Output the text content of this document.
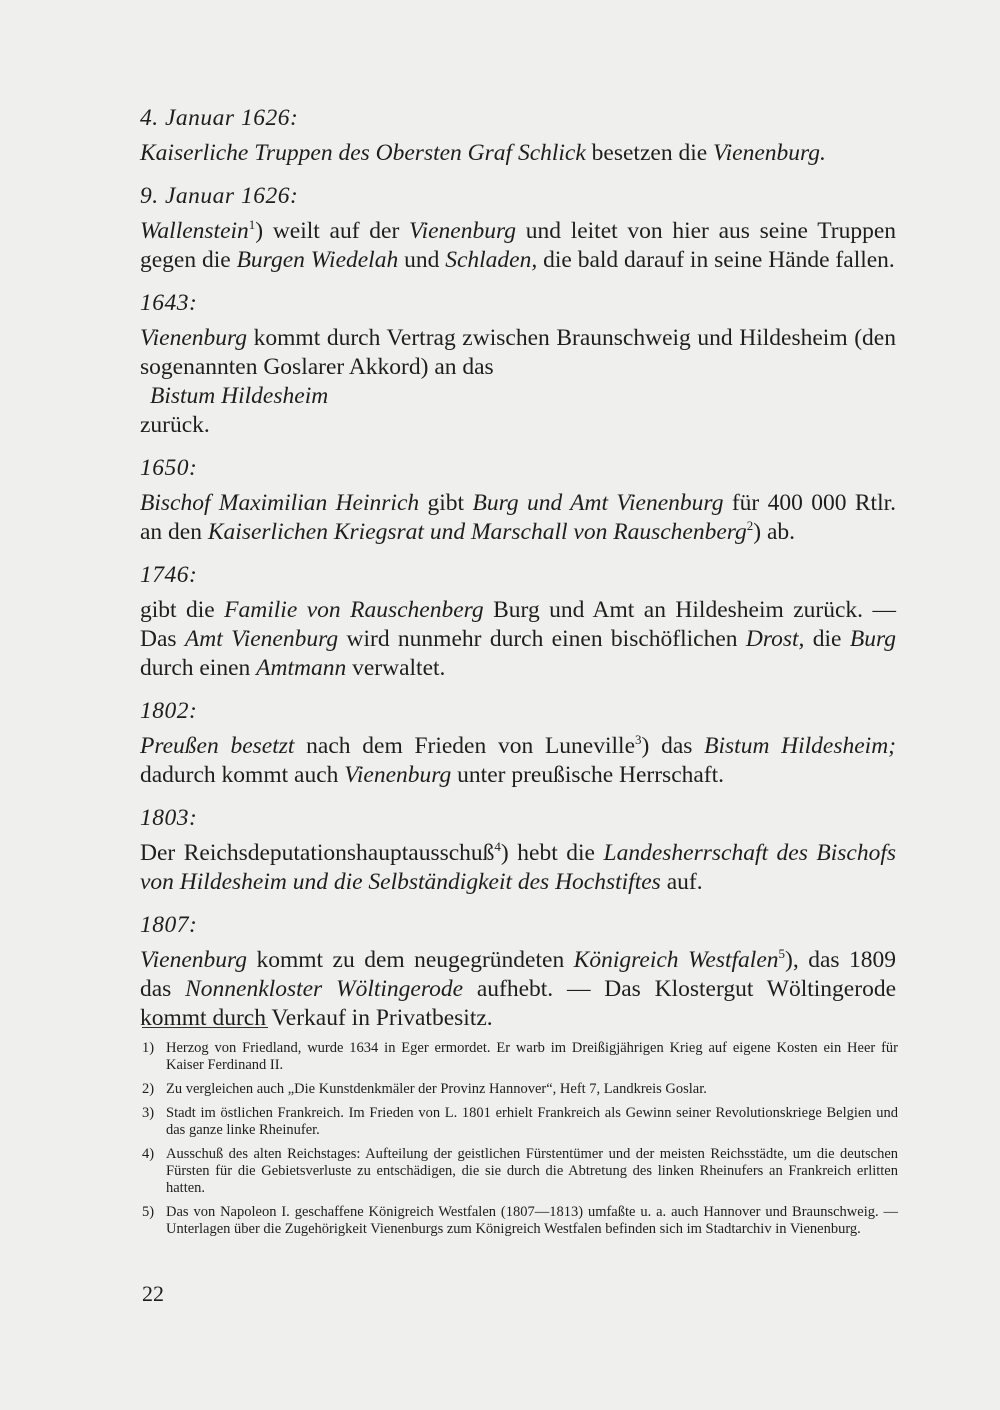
4. Januar 1626:
Kaiserliche Truppen des Obersten Graf Schlick besetzen die Vienenburg.
9. Januar 1626:
Wallenstein$^1$) weilt auf der Vienenburg und leitet von hier aus seine Truppen gegen die Burgen Wiedelah und Schladen, die bald darauf in seine Hände fallen.
1643:
Vienenburg kommt durch Vertrag zwischen Braunschweig und Hildesheim (den sogenannten Goslarer Akkord) an das
Bistum Hildesheim
zurück.
1650:
Bischof Maximilian Heinrich gibt Burg und Amt Vienenburg für 400 000 Rtlr. an den Kaiserlichen Kriegsrat und Marschall von Rauschenberg$^2$) ab.
1746:
gibt die Familie von Rauschenberg Burg und Amt an Hildesheim zurück. — Das Amt Vienenburg wird nunmehr durch einen bischöflichen Drost, die Burg durch einen Amtmann verwaltet.
1802:
Preußen besetzt nach dem Frieden von Luneville$^3$) das Bistum Hildesheim; dadurch kommt auch Vienenburg unter preußische Herrschaft.
1803:
Der Reichsdeputationshauptausschuß$^4$) hebt die Landesherrschaft des Bischofs von Hildesheim und die Selbständigkeit des Hochstiftes auf.
1807:
Vienenburg kommt zu dem neugegründeten Königreich Westfalen$^5$), das 1809 das Nonnenkloster Wöltingerode aufhebt. — Das Klostergut Wöltingerode kommt durch Verkauf in Privatbesitz.
1) Herzog von Friedland, wurde 1634 in Eger ermordet. Er warb im Dreißigjährigen Krieg auf eigene Kosten ein Heer für Kaiser Ferdinand II.
2) Zu vergleichen auch „Die Kunstdenkmäler der Provinz Hannover“, Heft 7, Landkreis Goslar.
3) Stadt im östlichen Frankreich. Im Frieden von L. 1801 erhielt Frankreich als Gewinn seiner Revolutionskriege Belgien und das ganze linke Rheinufer.
4) Ausschuß des alten Reichstages: Aufteilung der geistlichen Fürstentümer und der meisten Reichsstädte, um die deutschen Fürsten für die Gebietsverluste zu entschädigen, die sie durch die Abtretung des linken Rheinufers an Frankreich erlitten hatten.
5) Das von Napoleon I. geschaffene Königreich Westfalen (1807—1813) umfaßte u. a. auch Hannover und Braunschweig. — Unterlagen über die Zugehörigkeit Vienenburgs zum Königreich Westfalen befinden sich im Stadtarchiv in Vienenburg.
22
